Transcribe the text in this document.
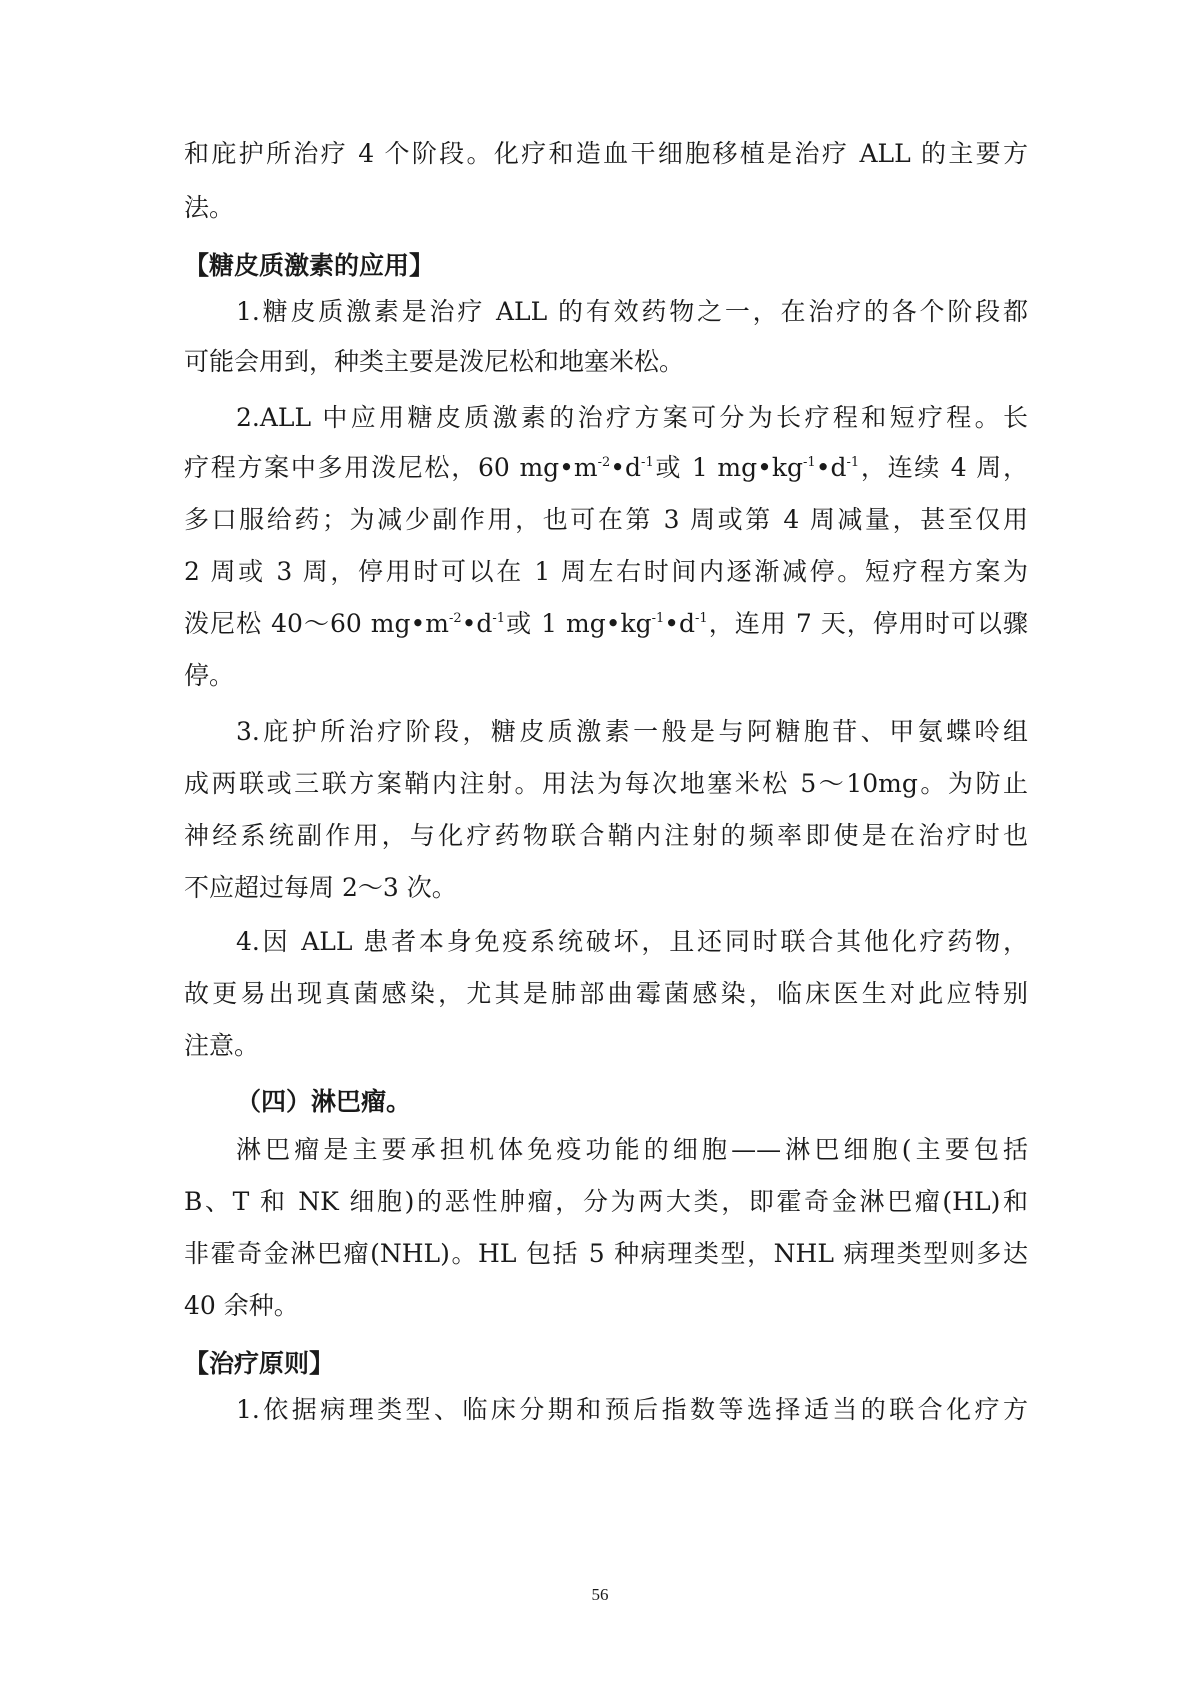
和庇护所治疗 4 个阶段。化疗和造血干细胞移植是治疗 ALL 的主要方
法。
【糖皮质激素的应用】
1.糖皮质激素是治疗 ALL 的有效药物之一，在治疗的各个阶段都
可能会用到，种类主要是泼尼松和地塞米松。
2.ALL 中应用糖皮质激素的治疗方案可分为长疗程和短疗程。长
疗程方案中多用泼尼松，60 $mg•m^{-2}•d^{-1}$或 1 $mg•kg^{-1}•d^{-1}$，连续 4 周，
多口服给药；为减少副作用，也可在第 3 周或第 4 周减量，甚至仅用
2 周或 3 周，停用时可以在 1 周左右时间内逐渐减停。短疗程方案为
泼尼松 40～60 $mg•m^{-2}•d^{-1}$或 1 $mg•kg^{-1}•d^{-1}$，连用 7 天，停用时可以骤
停。
3.庇护所治疗阶段，糖皮质激素一般是与阿糖胞苷、甲氨蝶呤组
成两联或三联方案鞘内注射。用法为每次地塞米松 5～10mg。为防止
神经系统副作用，与化疗药物联合鞘内注射的频率即使是在治疗时也
不应超过每周 2～3 次。
4.因 ALL 患者本身免疫系统破坏，且还同时联合其他化疗药物，
故更易出现真菌感染，尤其是肺部曲霉菌感染，临床医生对此应特别
注意。
（四）淋巴瘤。
淋巴瘤是主要承担机体免疫功能的细胞——淋巴细胞(主要包括
B、T 和 NK 细胞)的恶性肿瘤，分为两大类，即霍奇金淋巴瘤(HL)和
非霍奇金淋巴瘤(NHL)。HL 包括 5 种病理类型，NHL 病理类型则多达
40 余种。
【治疗原则】
1.依据病理类型、临床分期和预后指数等选择适当的联合化疗方
56
